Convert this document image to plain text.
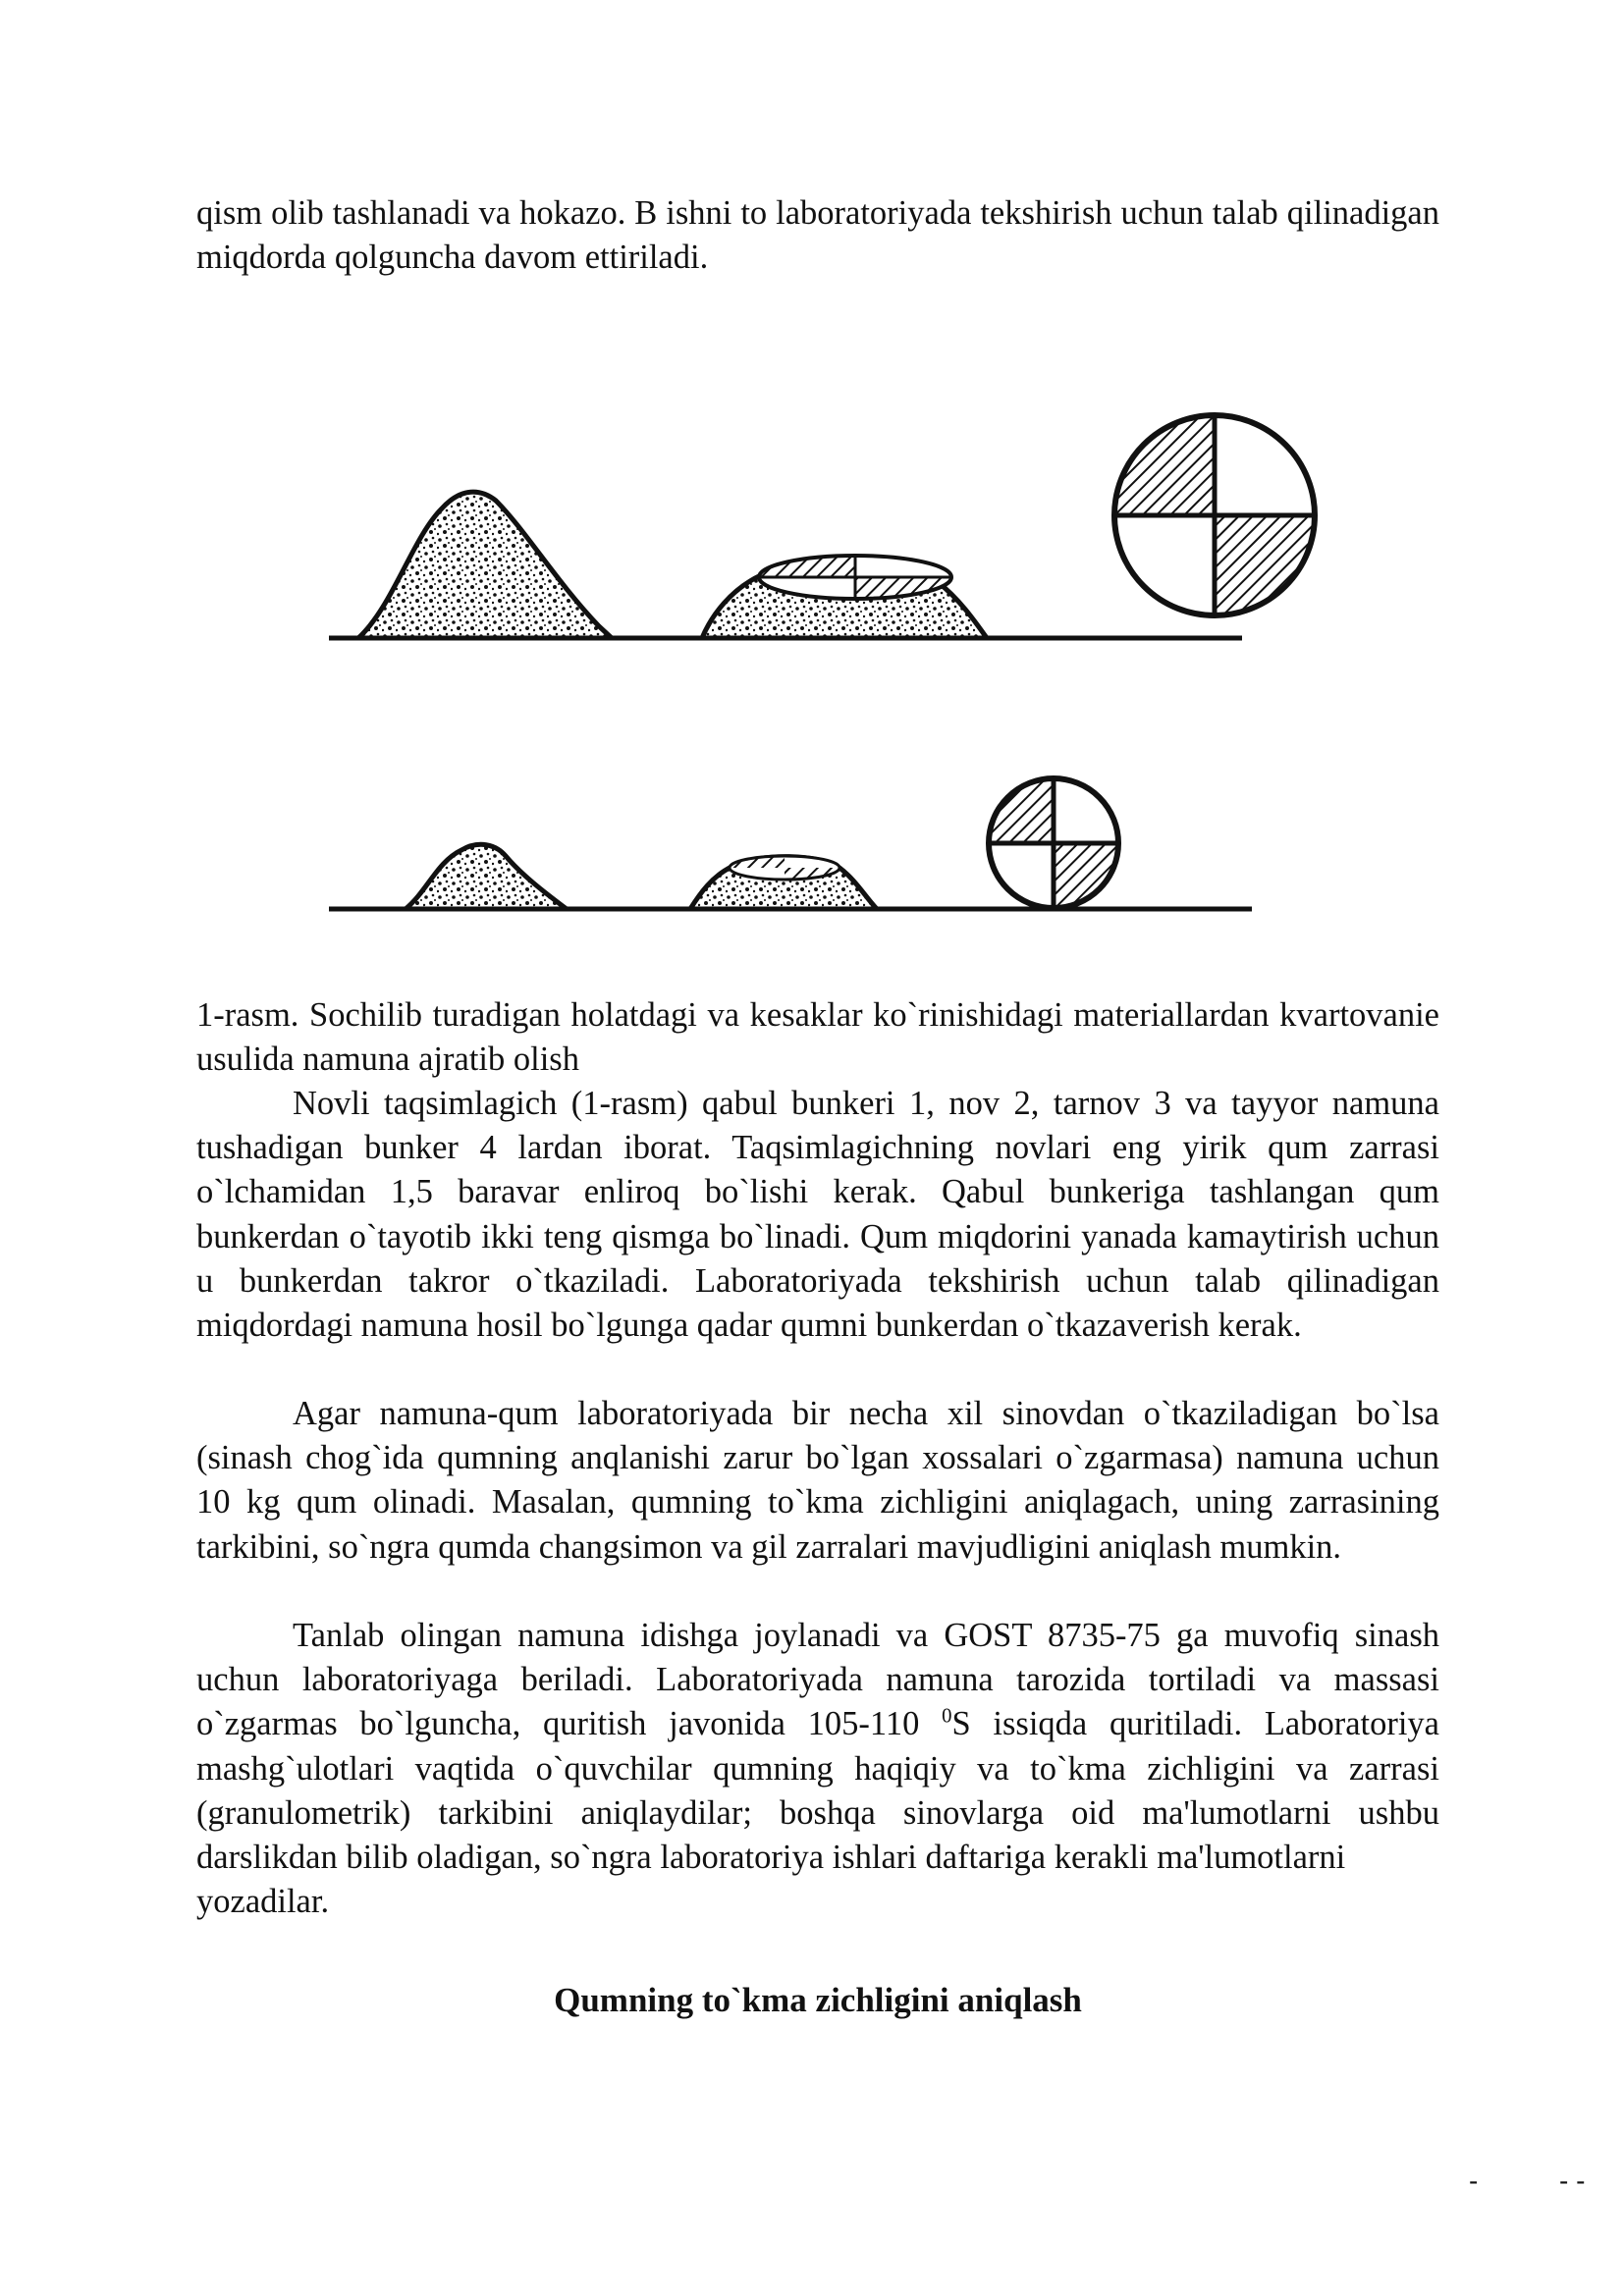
qism olib tashlanadi va hokazo. B ishni to laboratoriyada tekshirish uchun talab qilinadigan miqdorda qolguncha davom ettiriladi.

1-rasm. Sochilib turadigan holatdagi va kesaklar ko`rinishidagi materiallardan kvartovanie usulida namuna ajratib olish

Novli taqsimlagich (1-rasm) qabul bunkeri 1, nov 2, tarnov 3 va tayyor namuna tushadigan bunker 4 lardan iborat. Taqsimlagichning novlari eng yirik qum zarrasi o`lchamidan 1,5 baravar enliroq bo`lishi kerak. Qabul bunkeriga tashlangan qum bunkerdan o`tayotib ikki teng qismga bo`linadi. Qum miqdorini yanada kamaytirish uchun u bunkerdan takror o`tkaziladi. Laboratoriyada tekshirish uchun talab qilinadigan miqdordagi namuna hosil bo`lgunga qadar qumni bunkerdan o`tkazaverish kerak.

Agar namuna-qum laboratoriyada bir necha xil sinovdan o`tkaziladigan bo`lsa (sinash chog`ida qumning anqlanishi zarur bo`lgan xossalari o`zgarmasa) namuna uchun 10 kg qum olinadi. Masalan, qumning to`kma zichligini aniqlagach, uning zarrasining tarkibini, so`ngra qumda changsimon va gil zarralari mavjudligini aniqlash mumkin.

Tanlab olingan namuna idishga joylanadi va GOST 8735-75 ga muvofiq sinash uchun laboratoriyaga beriladi. Laboratoriyada namuna tarozida tortiladi va massasi o`zgarmas bo`lguncha, quritish javonida 105-110 $^0$S issiqda quritiladi. Laboratoriya mashg`ulotlari vaqtida o`quvchilar qumning haqiqiy va to`kma zichligini va zarrasi (granulometrik) tarkibini aniqlaydilar; boshqa sinovlarga oid ma'lumotlarni ushbu darslikdan bilib oladigan, so`ngra laboratoriya ishlari daftariga kerakli ma'lumotlarni
yozadilar.

Qumning to`kma zichligini aniqlash
-	- -
